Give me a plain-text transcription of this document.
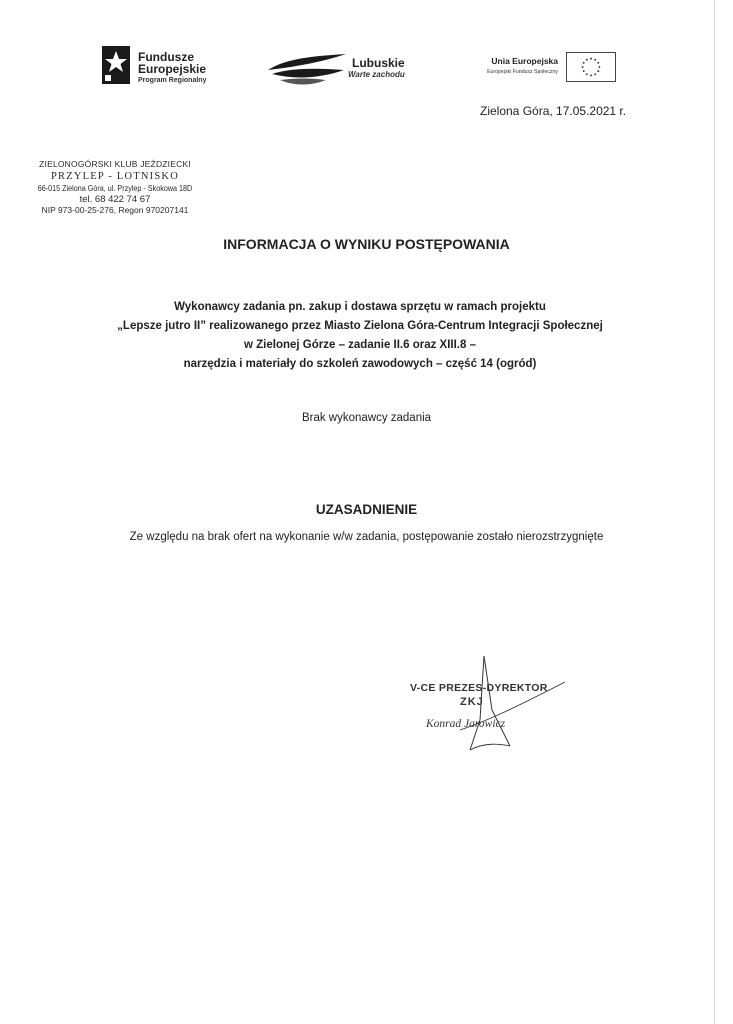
Fundusze
Europejskie
Program Regionalny
Lubuskie
Warte zachodu
Unia Europejska
Europejski Fundusz Społeczny
Zielona Góra, 17.05.2021 r.
ZIELONOGÓRSKI KLUB JEŹDZIECKI
PRZYLEP - LOTNISKO
66-015 Zielona Góra, ul. Przylep - Skokowa 18D
tel. 68 422 74 67
NIP 973-00-25-276, Regon 970207141
INFORMACJA O WYNIKU POSTĘPOWANIA
Wykonawcy zadania pn. zakup i dostawa sprzętu w ramach projektu
„Lepsze jutro II” realizowanego przez Miasto Zielona Góra-Centrum Integracji Społecznej
w Zielonej Górze – zadanie II.6 oraz XIII.8 –
narzędzia i materiały do szkoleń zawodowych – część 14 (ogród)
Brak wykonawcy zadania
UZASADNIENIE
Ze względu na brak ofert na wykonanie w/w zadania, postępowanie zostało nierozstrzygnięte
V-CE PREZES-DYREKTOR
ZKJ
Konrad Jarowicz
